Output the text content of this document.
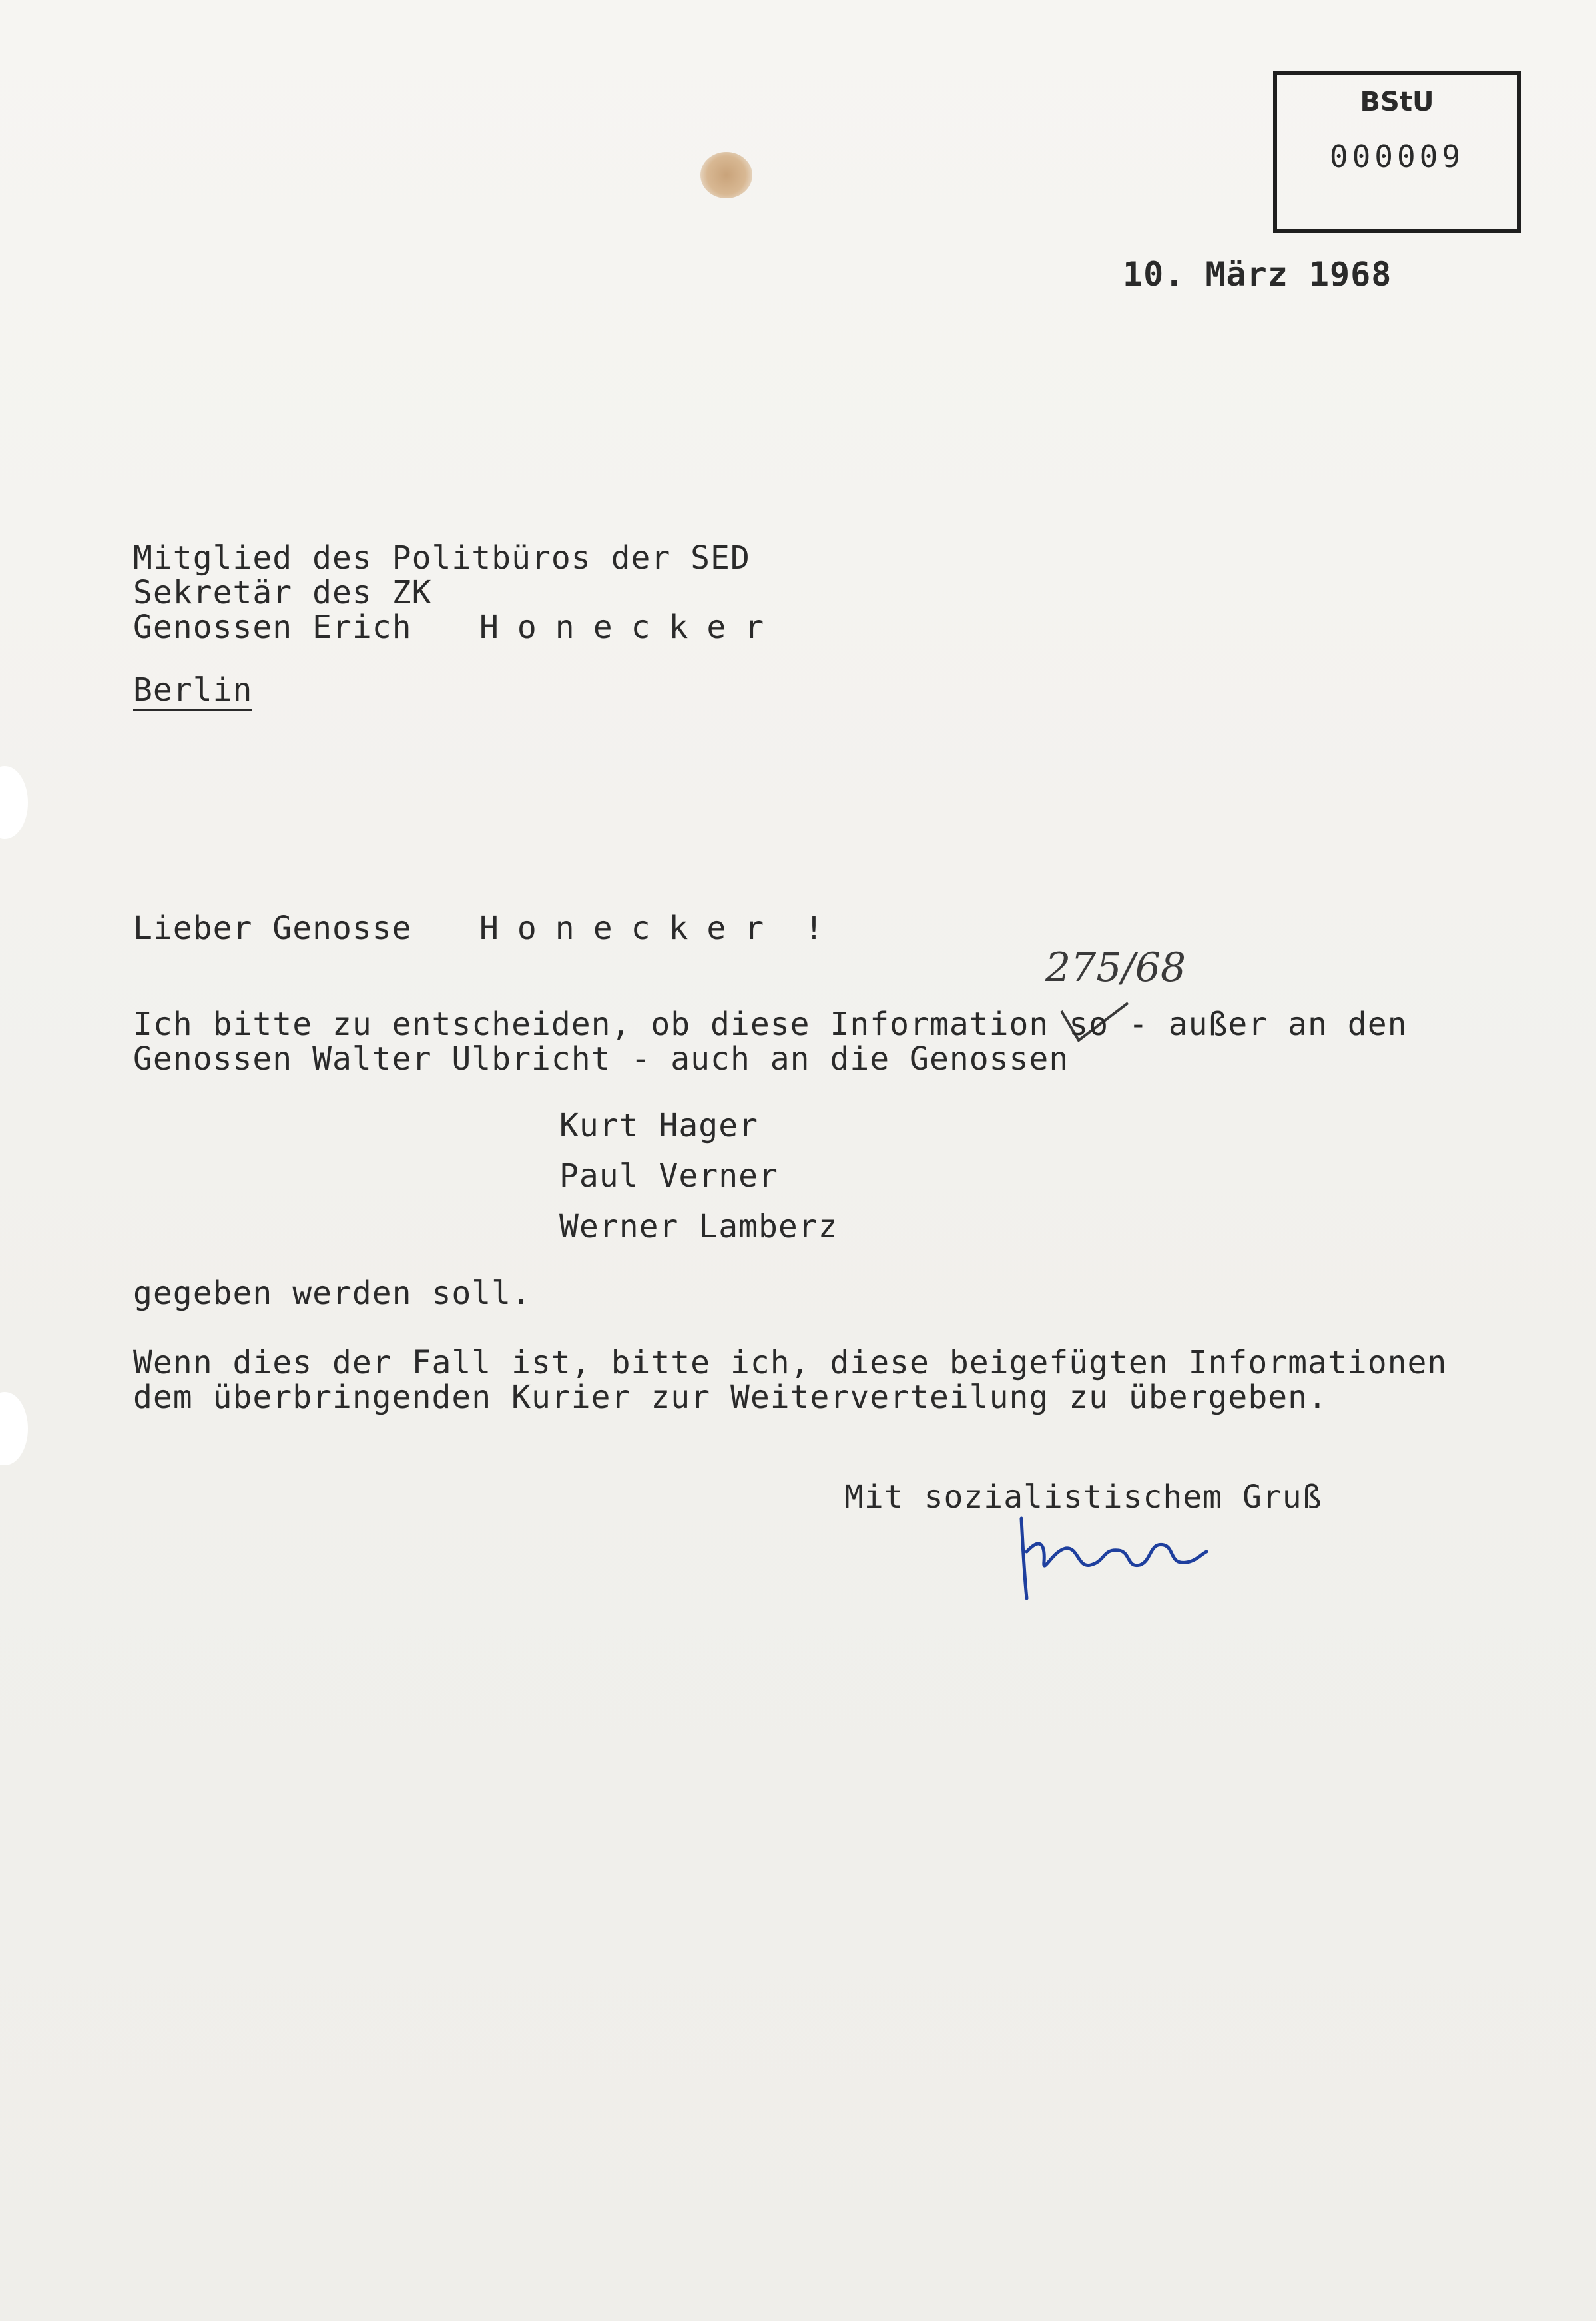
BStU
000009
10. März 1968
Mitglied des Politbüros der SED
Sekretär des ZK
Genossen Erich Honecker
Berlin
Lieber Genosse Honecker !
275/68
Ich bitte zu entscheiden, ob diese Information so - außer an den
Genossen Walter Ulbricht - auch an die Genossen
Kurt Hager
Paul Verner
Werner Lamberz
gegeben werden soll.
Wenn dies der Fall ist, bitte ich, diese beigefügten Informationen
dem überbringenden Kurier zur Weiterverteilung zu übergeben.
Mit sozialistischem Gruß
